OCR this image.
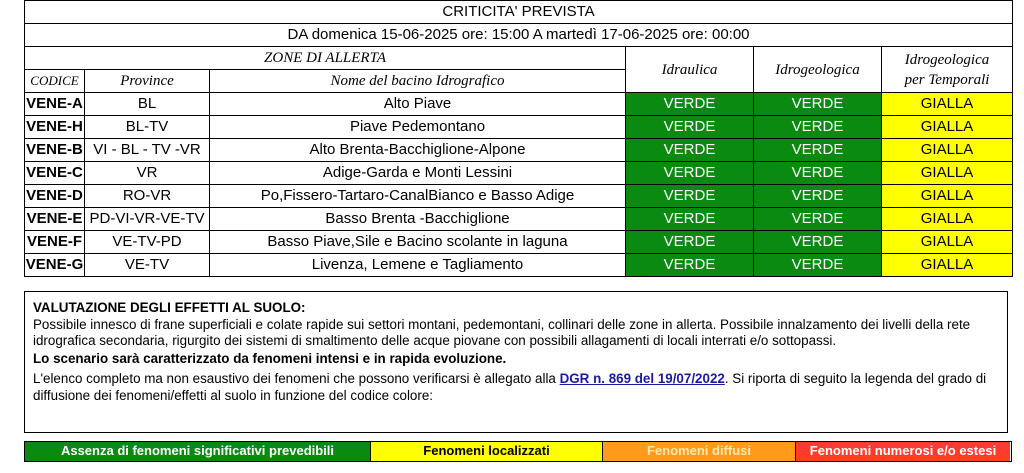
CRITICITA' PREVISTA					
DA domenica 15-06-2025 ore: 15:00 A martedì 17-06-2025 ore: 00:00					
ZONE DI ALLERTA			Idraulica	Idrogeologica	Idrogeologica
per Temporali
CODICE	Province	Nome del bacino Idrografico			
VENE-A	BL	Alto Piave	VERDE	VERDE	GIALLA
VENE-H	BL-TV	Piave Pedemontano	VERDE	VERDE	GIALLA
VENE-B	VI - BL - TV -VR	Alto Brenta-Bacchiglione-Alpone	VERDE	VERDE	GIALLA
VENE-C	VR	Adige-Garda e Monti Lessini	VERDE	VERDE	GIALLA
VENE-D	RO-VR	Po,Fissero-Tartaro-CanalBianco e Basso Adige	VERDE	VERDE	GIALLA
VENE-E	PD-VI-VR-VE-TV	Basso Brenta -Bacchiglione	VERDE	VERDE	GIALLA
VENE-F	VE-TV-PD	Basso Piave,Sile e Bacino scolante in laguna	VERDE	VERDE	GIALLA
VENE-G	VE-TV	Livenza, Lemene e Tagliamento	VERDE	VERDE	GIALLA

VALUTAZIONE DEGLI EFFETTI AL SUOLO:

Possibile innesco di frane superficiali e colate rapide sui settori montani, pedemontani, collinari delle zone in allerta. Possibile innalzamento dei livelli della rete idrografica secondaria, rigurgito dei sistemi di smaltimento delle acque piovane con possibili allagamenti di locali interrati e/o sottopassi.

Lo scenario sarà caratterizzato da fenomeni intensi e in rapida evoluzione.

L'elenco completo ma non esaustivo dei fenomeni che possono verificarsi è allegato alla DGR n. 869 del 19/07/2022. Si riporta di seguito la legenda del grado di diffusione dei fenomeni/effetti al suolo in funzione del codice colore:

Assenza di fenomeni significativi prevedibili	Fenomeni localizzati	Fenomeni diffusi	Fenomeni numerosi e/o estesi
